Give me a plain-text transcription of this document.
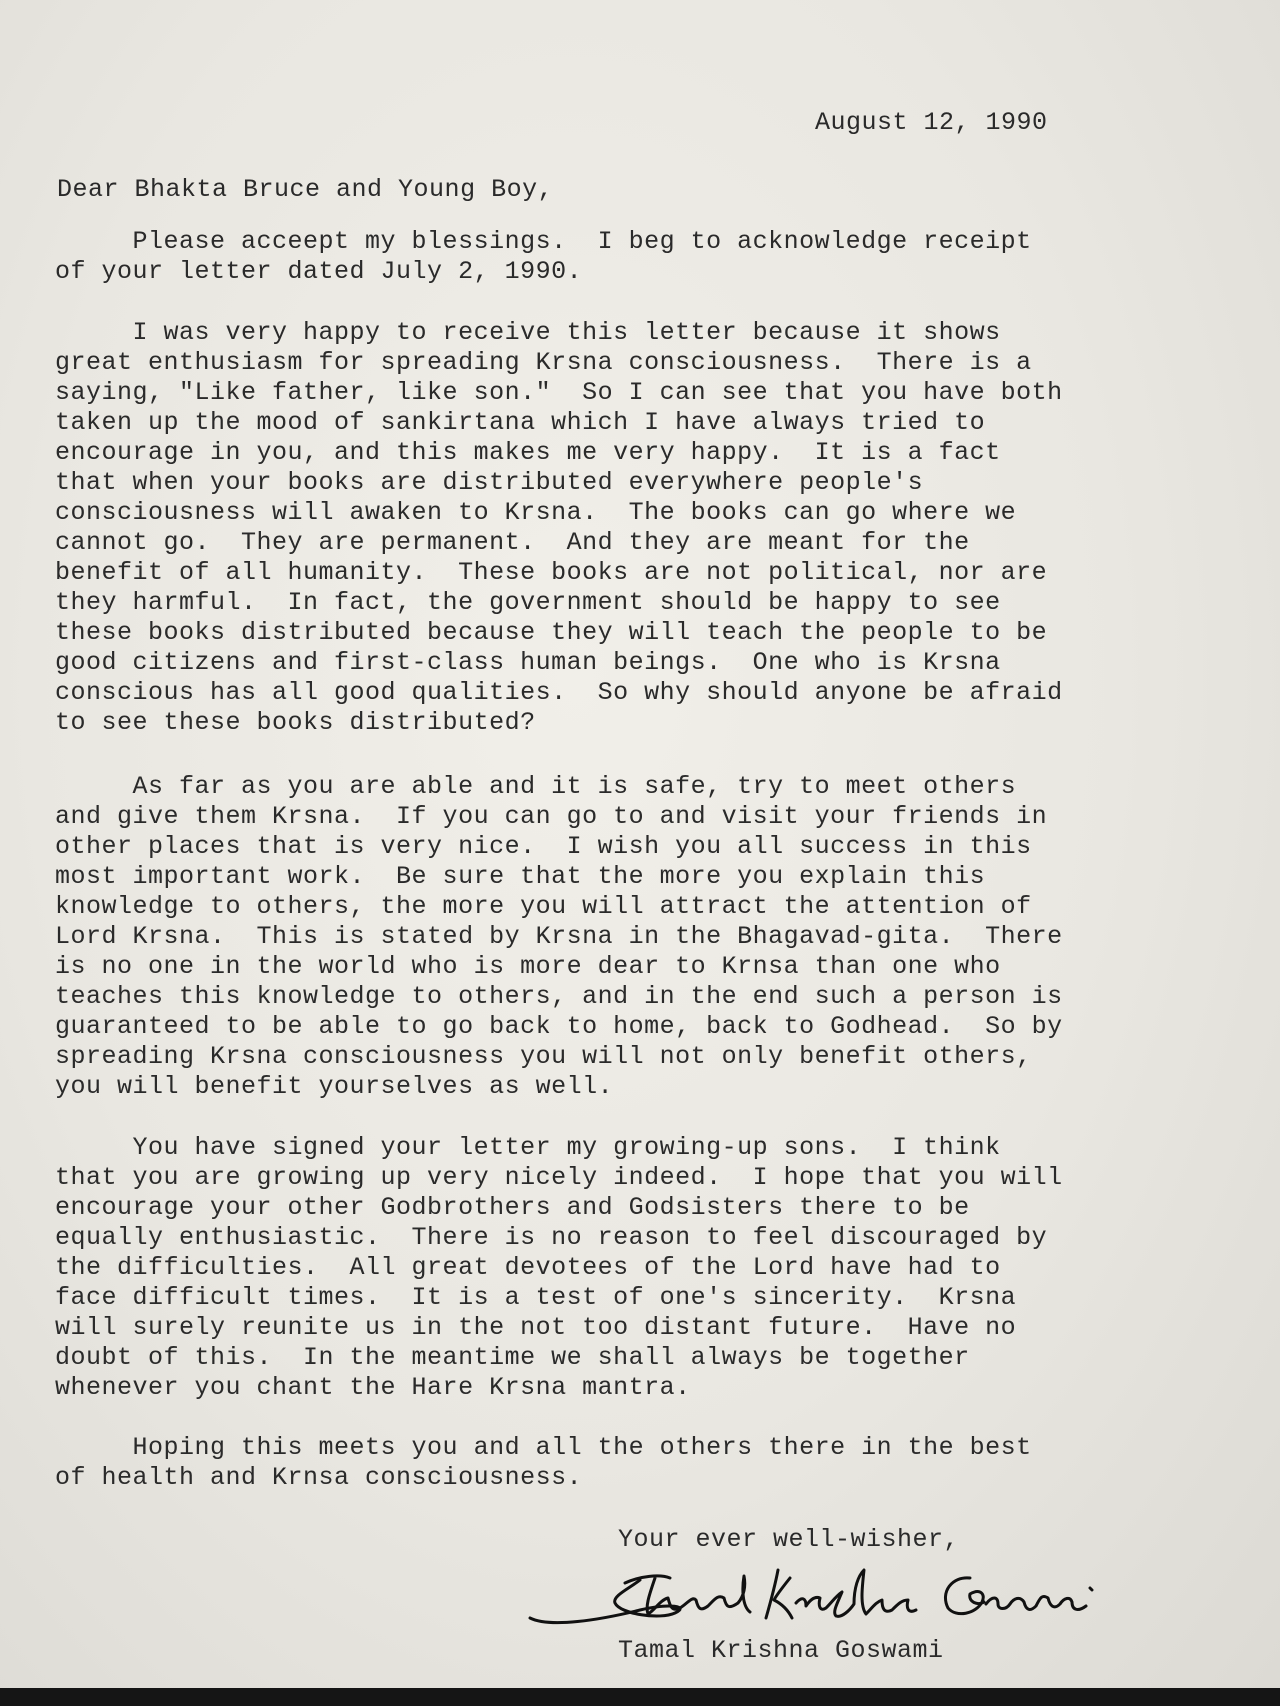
August 12, 1990

Dear Bhakta Bruce and Young Boy,

Please acceept my blessings.  I beg to acknowledge receipt
of your letter dated July 2, 1990.

I was very happy to receive this letter because it shows
great enthusiasm for spreading Krsna consciousness.  There is a
saying, "Like father, like son."  So I can see that you have both
taken up the mood of sankirtana which I have always tried to
encourage in you, and this makes me very happy.  It is a fact
that when your books are distributed everywhere people's
consciousness will awaken to Krsna.  The books can go where we
cannot go.  They are permanent.  And they are meant for the
benefit of all humanity.  These books are not political, nor are
they harmful.  In fact, the government should be happy to see
these books distributed because they will teach the people to be
good citizens and first-class human beings.  One who is Krsna
conscious has all good qualities.  So why should anyone be afraid
to see these books distributed?

As far as you are able and it is safe, try to meet others
and give them Krsna.  If you can go to and visit your friends in
other places that is very nice.  I wish you all success in this
most important work.  Be sure that the more you explain this
knowledge to others, the more you will attract the attention of
Lord Krsna.  This is stated by Krsna in the Bhagavad-gita.  There
is no one in the world who is more dear to Krnsa than one who
teaches this knowledge to others, and in the end such a person is
guaranteed to be able to go back to home, back to Godhead.  So by
spreading Krsna consciousness you will not only benefit others,
you will benefit yourselves as well.

You have signed your letter my growing-up sons.  I think
that you are growing up very nicely indeed.  I hope that you will
encourage your other Godbrothers and Godsisters there to be
equally enthusiastic.  There is no reason to feel discouraged by
the difficulties.  All great devotees of the Lord have had to
face difficult times.  It is a test of one's sincerity.  Krsna
will surely reunite us in the not too distant future.  Have no
doubt of this.  In the meantime we shall always be together
whenever you chant the Hare Krsna mantra.

Hoping this meets you and all the others there in the best
of health and Krnsa consciousness.

Your ever well-wisher,

Tamal Krishna Goswami
